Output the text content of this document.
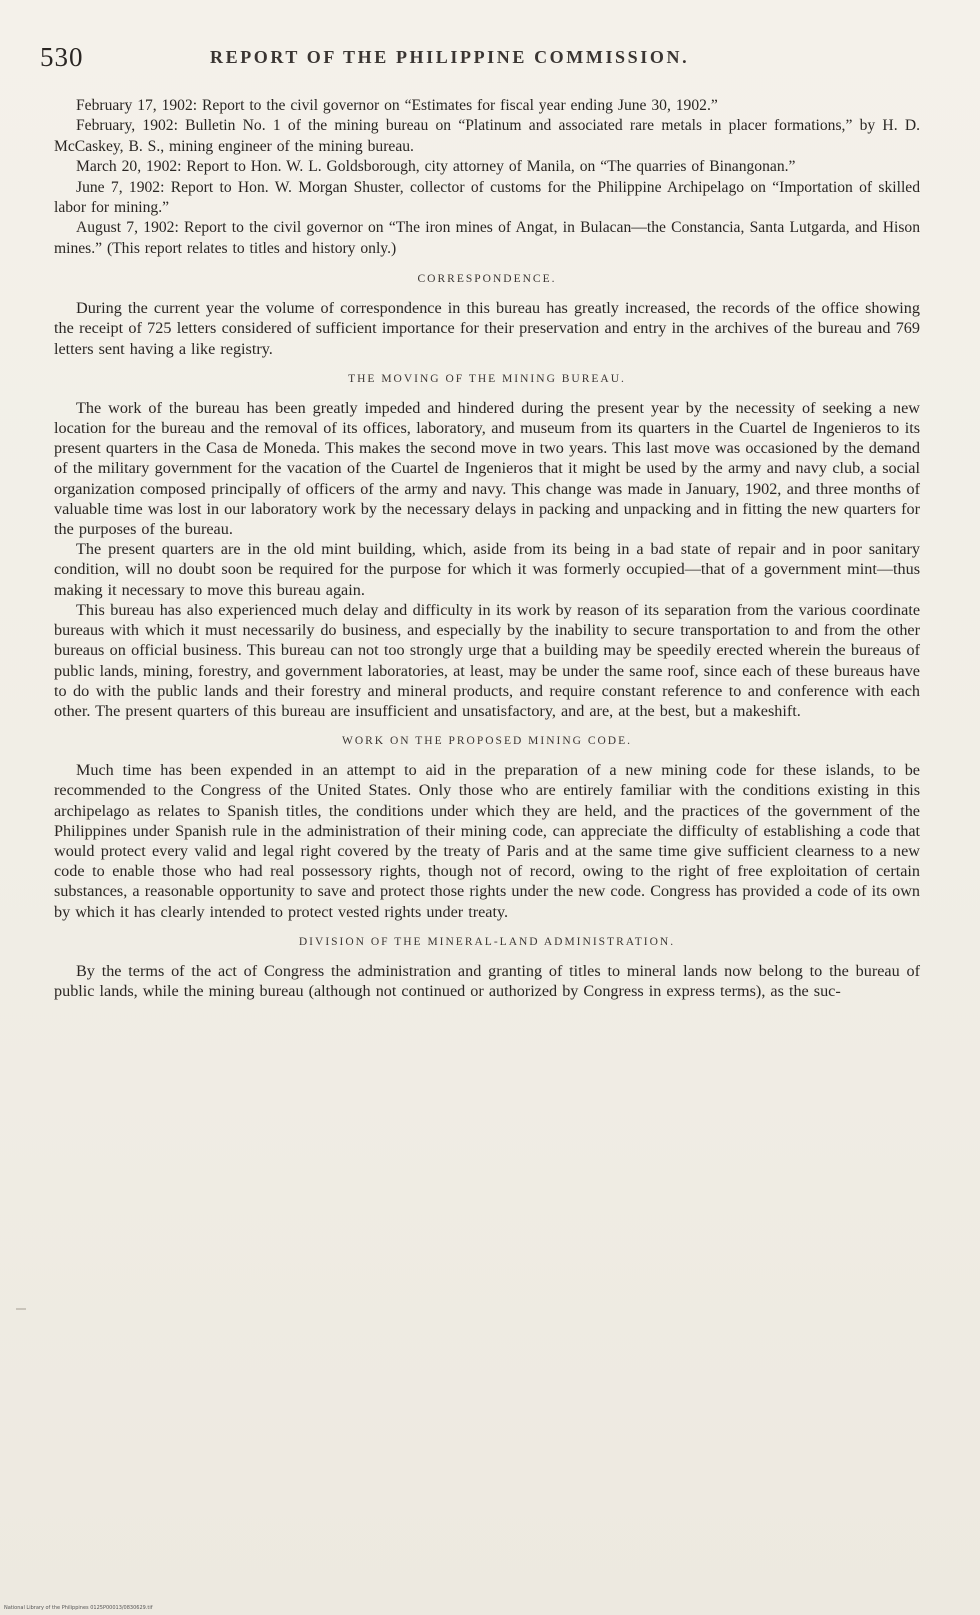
530	REPORT OF THE PHILIPPINE COMMISSION.

February 17, 1902: Report to the civil governor on “Estimates for fiscal year ending June 30, 1902.”

February, 1902: Bulletin No. 1 of the mining bureau on “Platinum and associated rare metals in placer formations,” by H. D. McCaskey, B. S., mining engineer of the mining bureau.

March 20, 1902: Report to Hon. W. L. Goldsborough, city attorney of Manila, on “The quarries of Binangonan.”

June 7, 1902: Report to Hon. W. Morgan Shuster, collector of customs for the Philippine Archipelago on “Importation of skilled labor for mining.”

August 7, 1902: Report to the civil governor on “The iron mines of Angat, in Bulacan—the Constancia, Santa Lutgarda, and Hison mines.” (This report relates to titles and history only.)

CORRESPONDENCE.

During the current year the volume of correspondence in this bureau has greatly increased, the records of the office showing the receipt of 725 letters considered of sufficient importance for their preservation and entry in the archives of the bureau and 769 letters sent having a like registry.

THE MOVING OF THE MINING BUREAU.

The work of the bureau has been greatly impeded and hindered during the present year by the necessity of seeking a new location for the bureau and the removal of its offices, laboratory, and museum from its quarters in the Cuartel de Ingenieros to its present quarters in the Casa de Moneda. This makes the second move in two years. This last move was occasioned by the demand of the military government for the vacation of the Cuartel de Ingenieros that it might be used by the army and navy club, a social organization composed principally of officers of the army and navy. This change was made in January, 1902, and three months of valuable time was lost in our laboratory work by the necessary delays in packing and unpacking and in fitting the new quarters for the purposes of the bureau.

The present quarters are in the old mint building, which, aside from its being in a bad state of repair and in poor sanitary condition, will no doubt soon be required for the purpose for which it was formerly occupied—that of a government mint—thus making it necessary to move this bureau again.

This bureau has also experienced much delay and difficulty in its work by reason of its separation from the various coordinate bureaus with which it must necessarily do business, and especially by the inability to secure transportation to and from the other bureaus on official business. This bureau can not too strongly urge that a building may be speedily erected wherein the bureaus of public lands, mining, forestry, and government laboratories, at least, may be under the same roof, since each of these bureaus have to do with the public lands and their forestry and mineral products, and require constant reference to and conference with each other. The present quarters of this bureau are insufficient and unsatisfactory, and are, at the best, but a makeshift.

WORK ON THE PROPOSED MINING CODE.

Much time has been expended in an attempt to aid in the preparation of a new mining code for these islands, to be recommended to the Congress of the United States. Only those who are entirely familiar with the conditions existing in this archipelago as relates to Spanish titles, the conditions under which they are held, and the practices of the government of the Philippines under Spanish rule in the administration of their mining code, can appreciate the difficulty of establishing a code that would protect every valid and legal right covered by the treaty of Paris and at the same time give sufficient clearness to a new code to enable those who had real possessory rights, though not of record, owing to the right of free exploitation of certain substances, a reasonable opportunity to save and protect those rights under the new code. Congress has provided a code of its own by which it has clearly intended to protect vested rights under treaty.

DIVISION OF THE MINERAL-LAND ADMINISTRATION.

By the terms of the act of Congress the administration and granting of titles to mineral lands now belong to the bureau of public lands, while the mining bureau (although not continued or authorized by Congress in express terms), as the suc-

National Library of the Philippines 0125P00013/0830629.tif
